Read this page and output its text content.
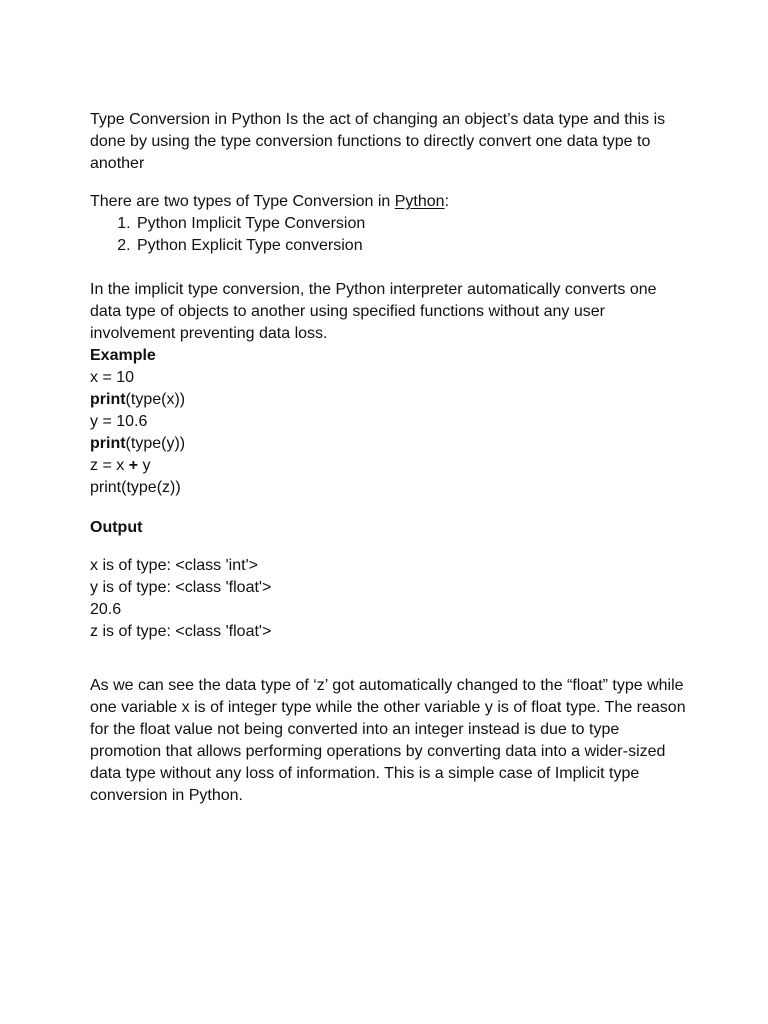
Type Conversion in Python Is the act of changing an object’s data type and this is done by using the type conversion functions to directly convert one data type to another

There are two types of Type Conversion in Python:

1. Python Implicit Type Conversion
2. Python Explicit Type conversion

In the implicit type conversion, the Python interpreter automatically converts one data type of objects to another using specified functions without any user involvement preventing data loss.

Example

x = 10

print(type(x))

y = 10.6

print(type(y))

z = x + y

print(type(z))

Output

x is of type: <class 'int'>

y is of type: <class 'float'>

20.6

z is of type: <class 'float'>

As we can see the data type of ‘z’ got automatically changed to the “float” type while one variable x is of integer type while the other variable y is of float type. The reason for the float value not being converted into an integer instead is due to type promotion that allows performing operations by converting data into a wider-sized data type without any loss of information. This is a simple case of Implicit type conversion in Python.
